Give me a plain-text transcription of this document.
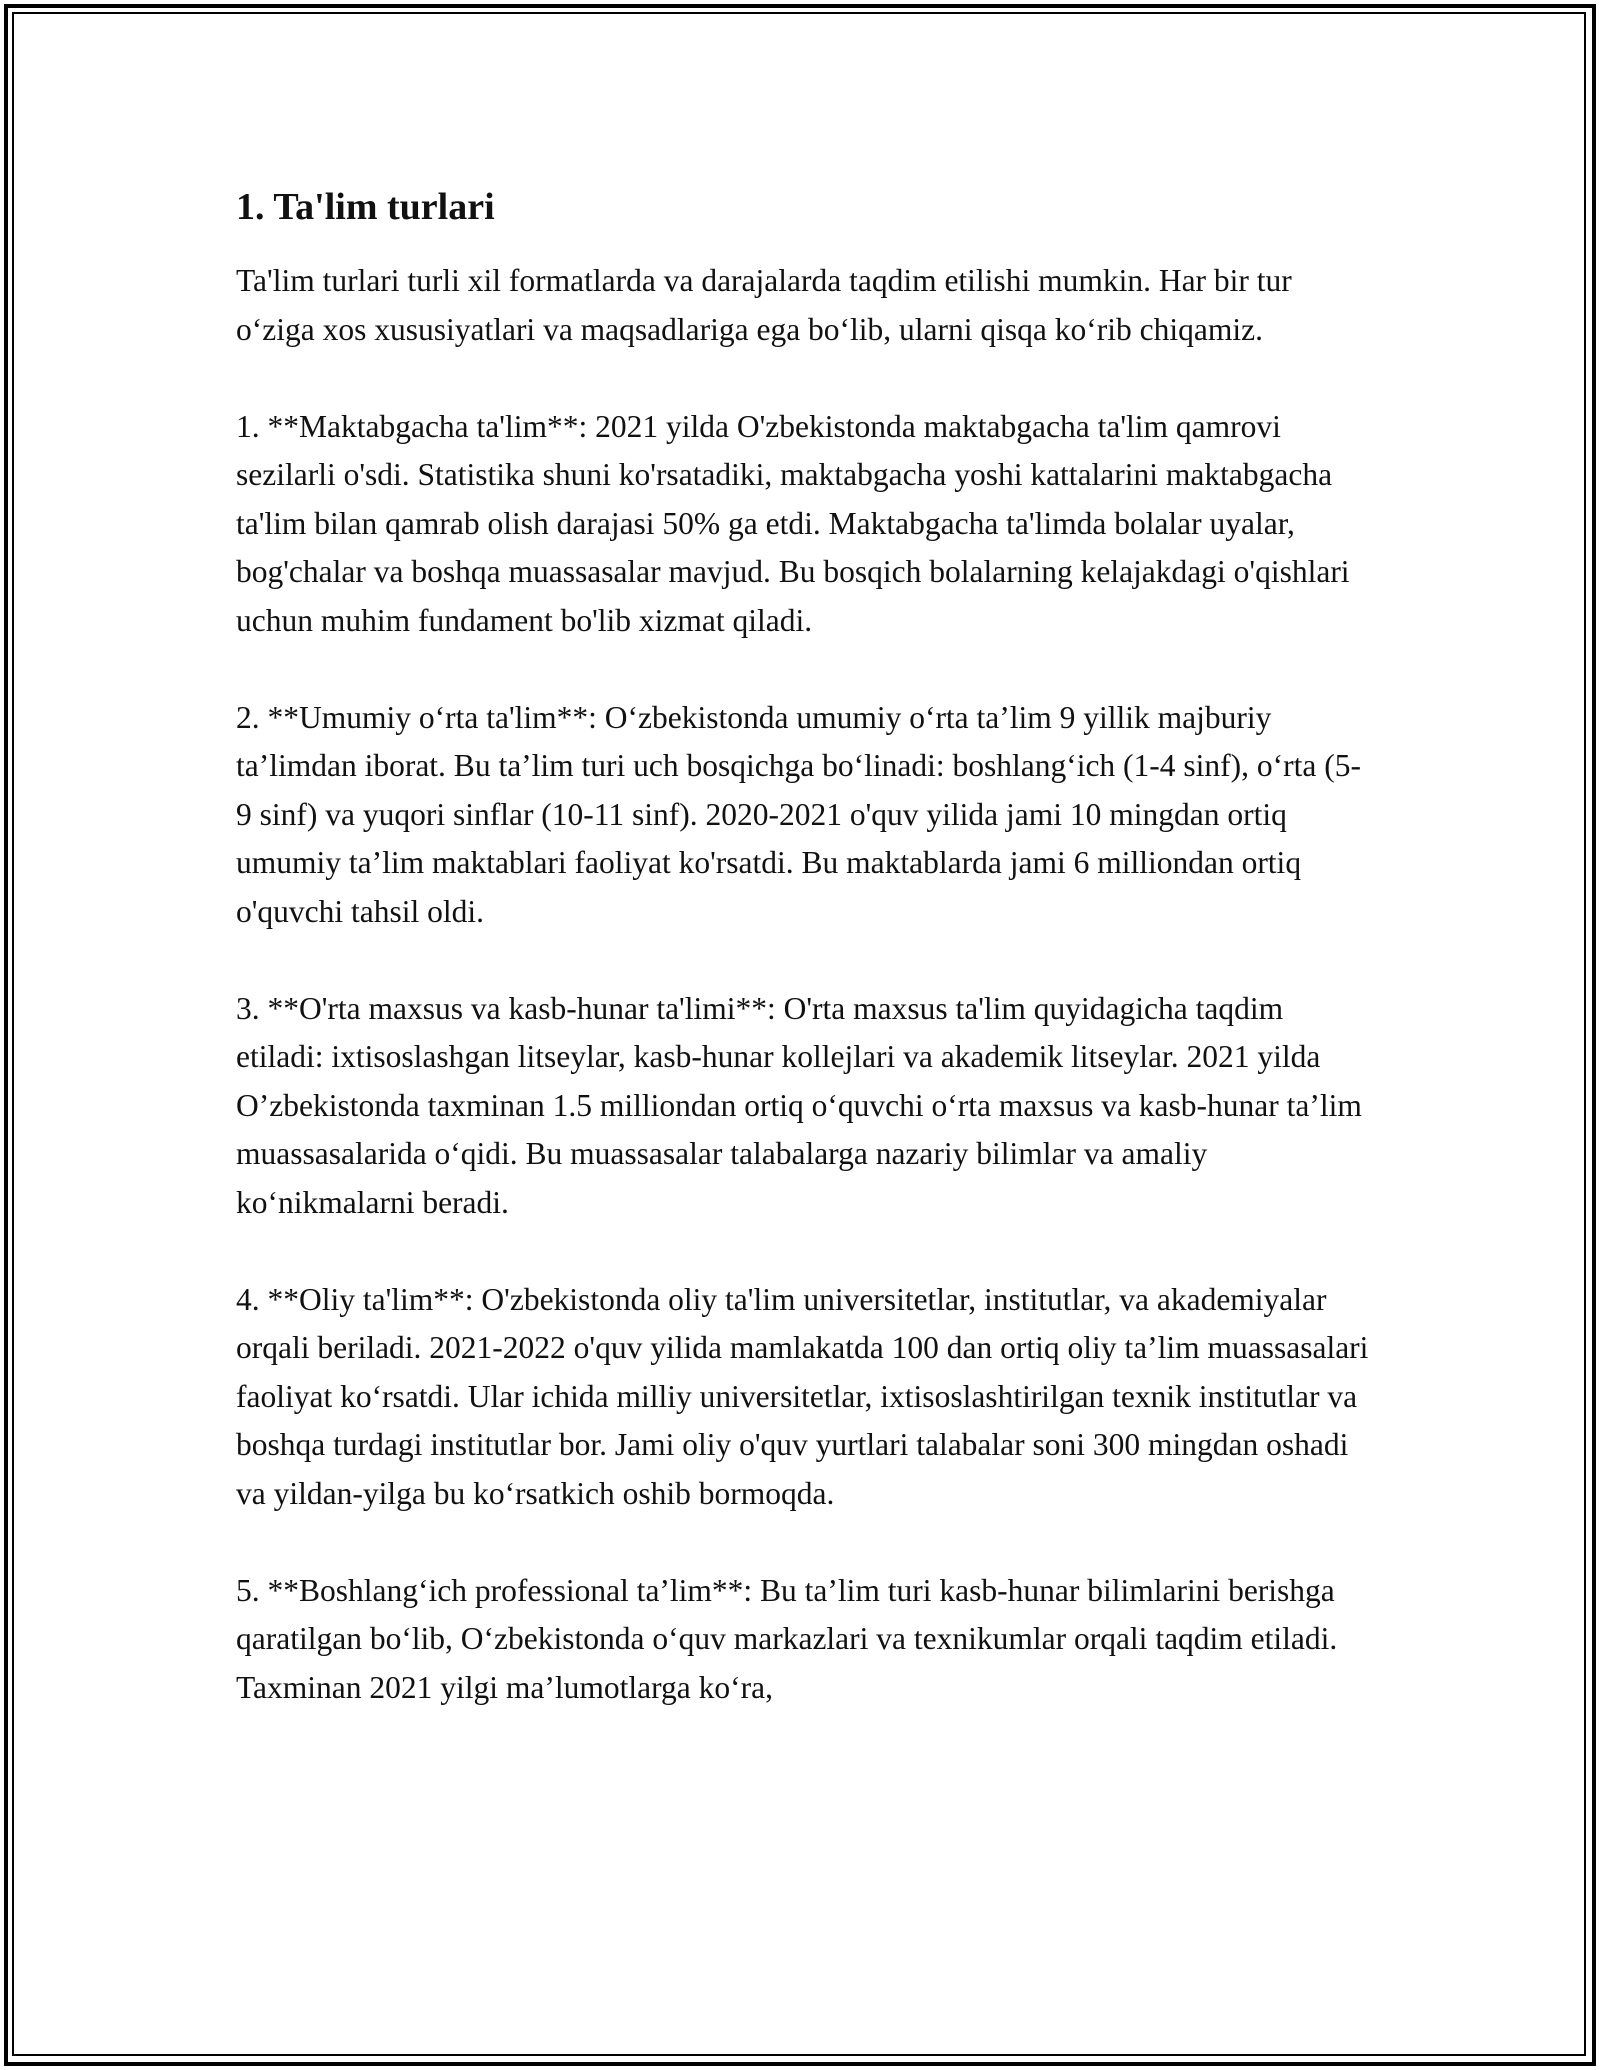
1. Ta'lim turlari

Ta'lim turlari turli xil formatlarda va darajalarda taqdim etilishi mumkin. Har bir tur o‘ziga xos xususiyatlari va maqsadlariga ega bo‘lib, ularni qisqa ko‘rib chiqamiz.

1. **Maktabgacha ta'lim**: 2021 yilda O'zbekistonda maktabgacha ta'lim qamrovi sezilarli o'sdi. Statistika shuni ko'rsatadiki, maktabgacha yoshi kattalarini maktabgacha ta'lim bilan qamrab olish darajasi 50% ga etdi. Maktabgacha ta'limda bolalar uyalar, bog'chalar va boshqa muassasalar mavjud. Bu bosqich bolalarning kelajakdagi o'qishlari uchun muhim fundament bo'lib xizmat qiladi.

2. **Umumiy o‘rta ta'lim**: O‘zbekistonda umumiy o‘rta ta’lim 9 yillik majburiy ta’limdan iborat. Bu ta’lim turi uch bosqichga bo‘linadi: boshlang‘ich (1-4 sinf), o‘rta (5-9 sinf) va yuqori sinflar (10-11 sinf). 2020-2021 o'quv yilida jami 10 mingdan ortiq umumiy ta’lim maktablari faoliyat ko'rsatdi. Bu maktablarda jami 6 milliondan ortiq o'quvchi tahsil oldi.

3. **O'rta maxsus va kasb-hunar ta'limi**: O'rta maxsus ta'lim quyidagicha taqdim etiladi: ixtisoslashgan litseylar, kasb-hunar kollejlari va akademik litseylar. 2021 yilda O’zbekistonda taxminan 1.5 milliondan ortiq o‘quvchi o‘rta maxsus va kasb-hunar ta’lim muassasalarida o‘qidi. Bu muassasalar talabalarga nazariy bilimlar va amaliy ko‘nikmalarni beradi.

4. **Oliy ta'lim**: O'zbekistonda oliy ta'lim universitetlar, institutlar, va akademiyalar orqali beriladi. 2021-2022 o'quv yilida mamlakatda 100 dan ortiq oliy ta’lim muassasalari faoliyat ko‘rsatdi. Ular ichida milliy universitetlar, ixtisoslashtirilgan texnik institutlar va boshqa turdagi institutlar bor. Jami oliy o'quv yurtlari talabalar soni 300 mingdan oshadi va yildan-yilga bu ko‘rsatkich oshib bormoqda.

5. **Boshlang‘ich professional ta’lim**: Bu ta’lim turi kasb-hunar bilimlarini berishga qaratilgan bo‘lib, O‘zbekistonda o‘quv markazlari va texnikumlar orqali taqdim etiladi. Taxminan 2021 yilgi ma’lumotlarga ko‘ra,
